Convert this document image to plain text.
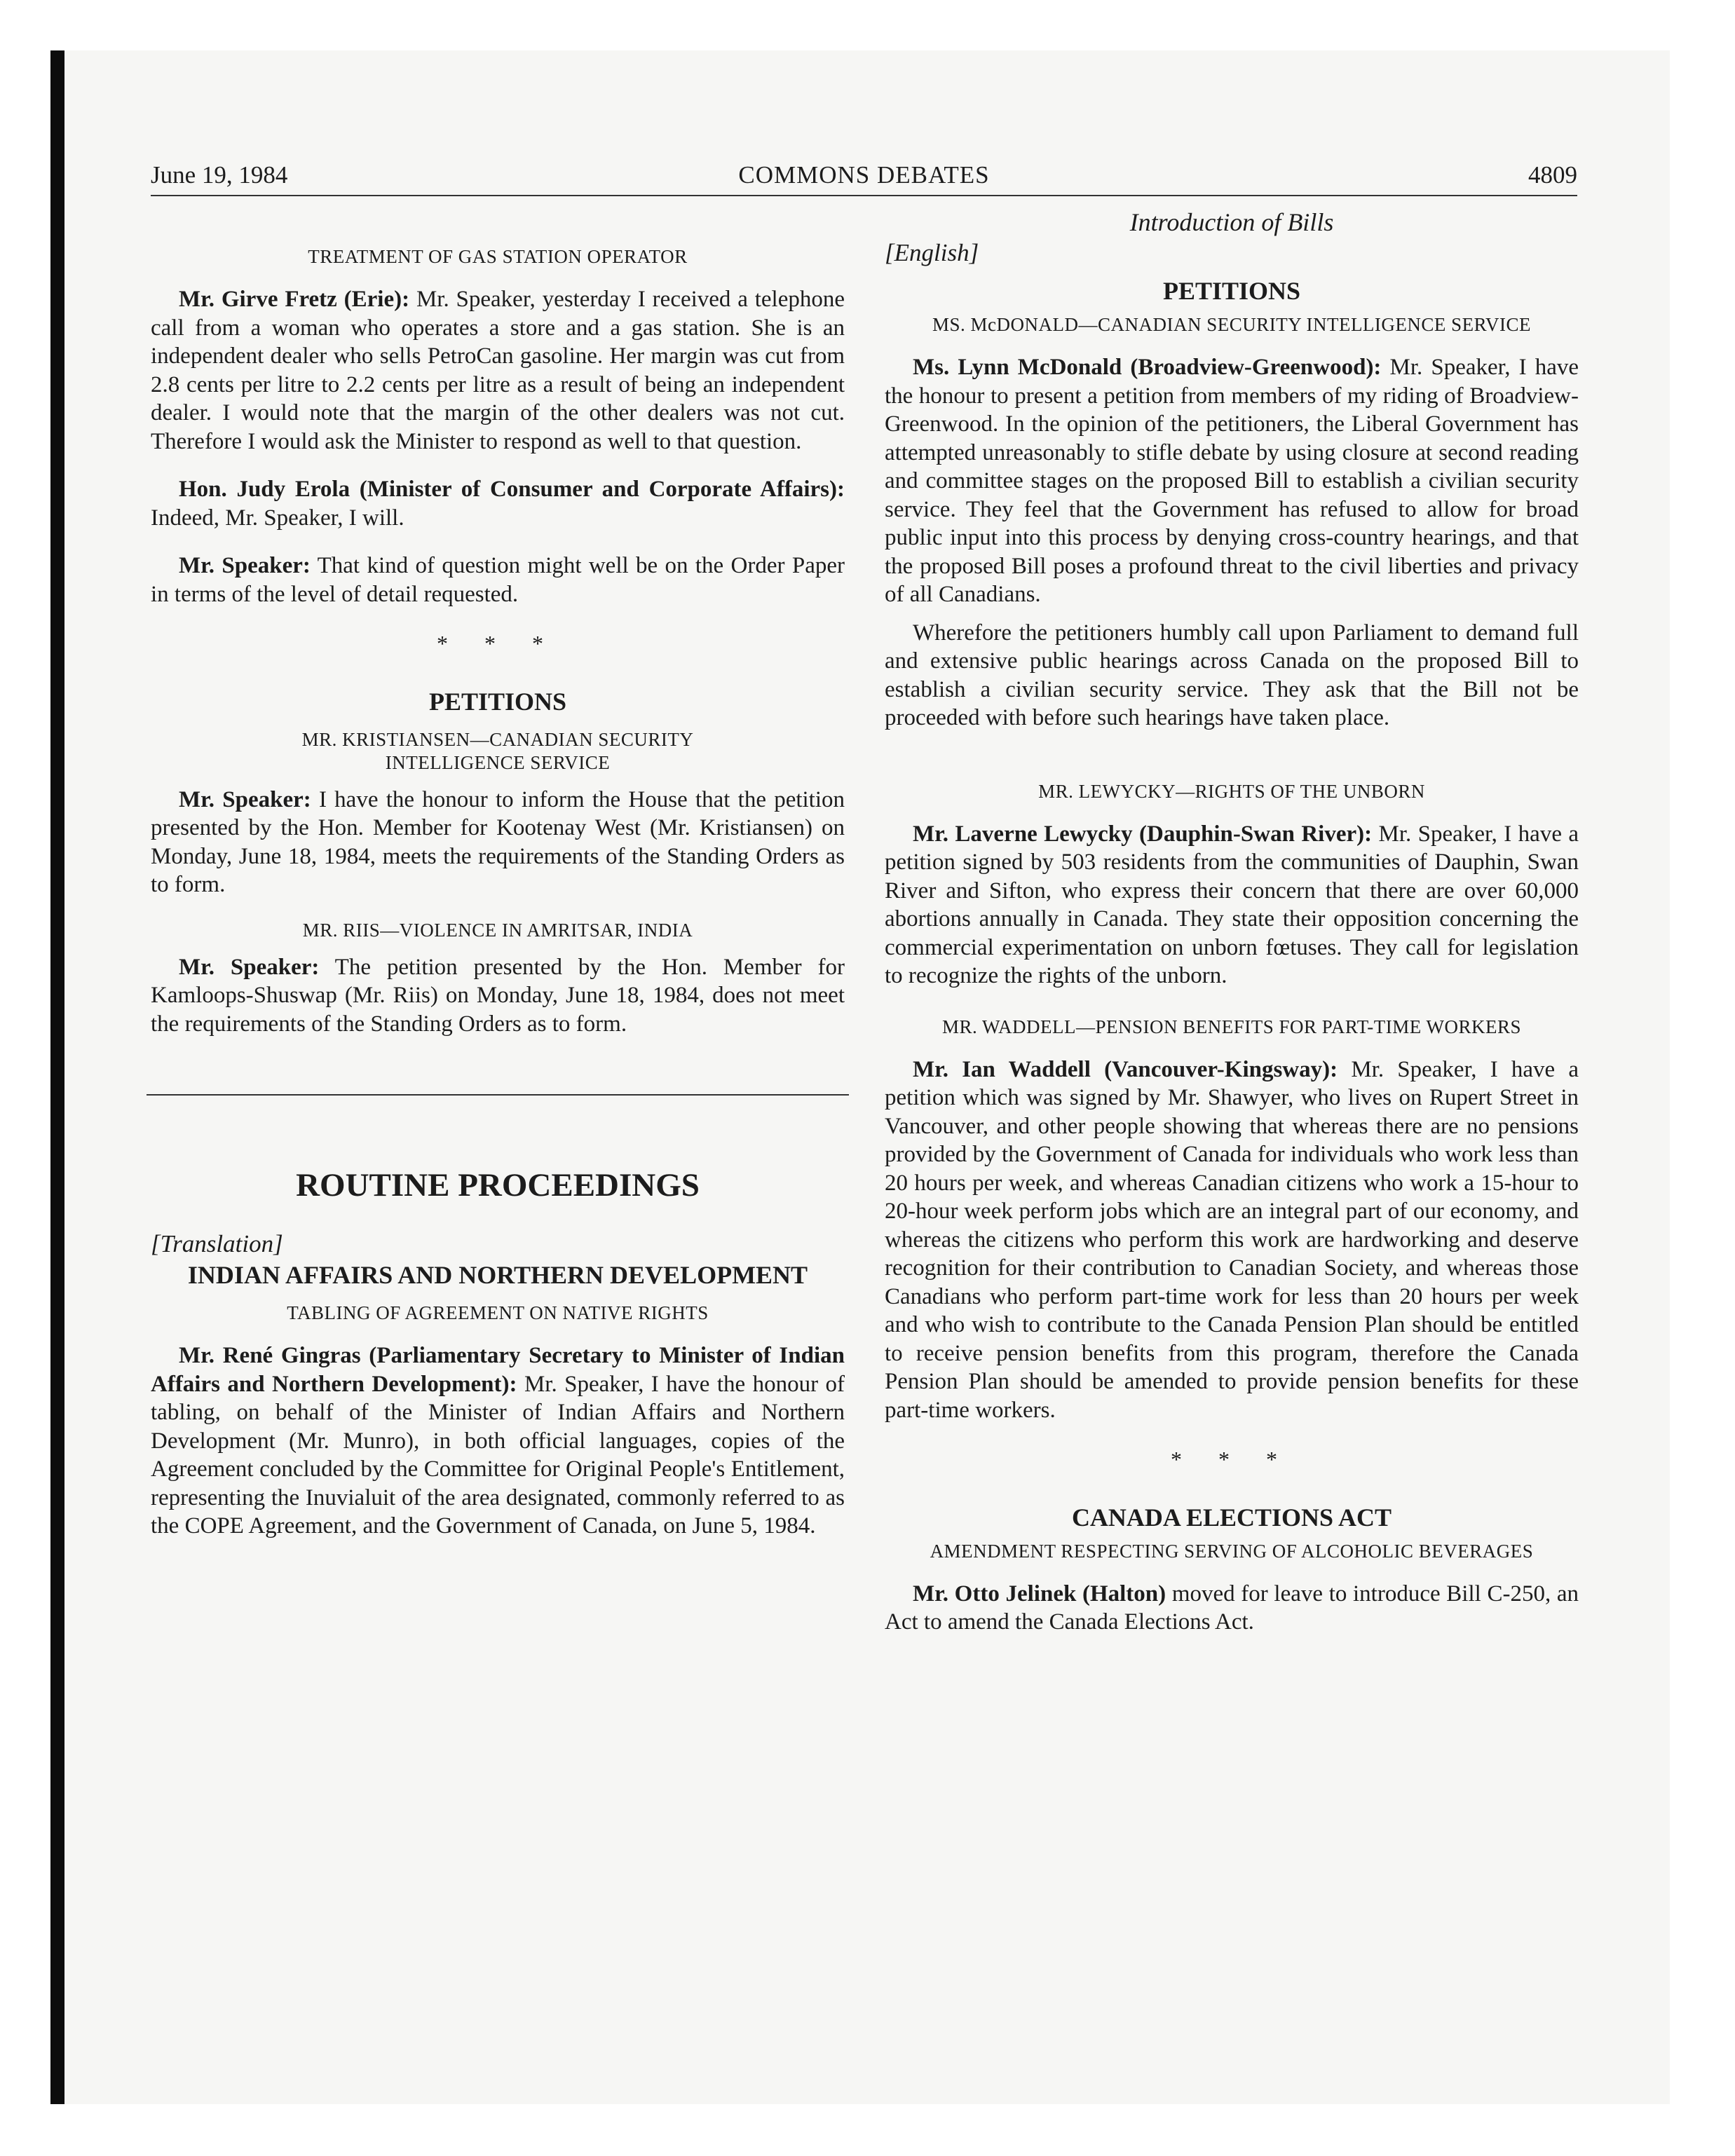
June 19, 1984	COMMONS DEBATES	4809
TREATMENT OF GAS STATION OPERATOR

Mr. Girve Fretz (Erie): Mr. Speaker, yesterday I received a telephone call from a woman who operates a store and a gas station. She is an independent dealer who sells PetroCan gasoline. Her margin was cut from 2.8 cents per litre to 2.2 cents per litre as a result of being an independent dealer. I would note that the margin of the other dealers was not cut. Therefore I would ask the Minister to respond as well to that question.

Hon. Judy Erola (Minister of Consumer and Corporate Affairs): Indeed, Mr. Speaker, I will.

Mr. Speaker: That kind of question might well be on the Order Paper in terms of the level of detail requested.

* * *
PETITIONS
MR. KRISTIANSEN—CANADIAN SECURITY INTELLIGENCE SERVICE

Mr. Speaker: I have the honour to inform the House that the petition presented by the Hon. Member for Kootenay West (Mr. Kristiansen) on Monday, June 18, 1984, meets the requirements of the Standing Orders as to form.

MR. RIIS—VIOLENCE IN AMRITSAR, INDIA

Mr. Speaker: The petition presented by the Hon. Member for Kamloops-Shuswap (Mr. Riis) on Monday, June 18, 1984, does not meet the requirements of the Standing Orders as to form.

ROUTINE PROCEEDINGS
[Translation]
INDIAN AFFAIRS AND NORTHERN DEVELOPMENT
TABLING OF AGREEMENT ON NATIVE RIGHTS

Mr. René Gingras (Parliamentary Secretary to Minister of Indian Affairs and Northern Development): Mr. Speaker, I have the honour of tabling, on behalf of the Minister of Indian Affairs and Northern Development (Mr. Munro), in both official languages, copies of the Agreement concluded by the Committee for Original People's Entitlement, representing the Inuvialuit of the area designated, commonly referred to as the COPE Agreement, and the Government of Canada, on June 5, 1984.

Introduction of Bills
[English]
PETITIONS
MS. McDONALD—CANADIAN SECURITY INTELLIGENCE SERVICE

Ms. Lynn McDonald (Broadview-Greenwood): Mr. Speaker, I have the honour to present a petition from members of my riding of Broadview-Greenwood. In the opinion of the petitioners, the Liberal Government has attempted unreasonably to stifle debate by using closure at second reading and committee stages on the proposed Bill to establish a civilian security service. They feel that the Government has refused to allow for broad public input into this process by denying cross-country hearings, and that the proposed Bill poses a profound threat to the civil liberties and privacy of all Canadians.

Wherefore the petitioners humbly call upon Parliament to demand full and extensive public hearings across Canada on the proposed Bill to establish a civilian security service. They ask that the Bill not be proceeded with before such hearings have taken place.

MR. LEWYCKY—RIGHTS OF THE UNBORN

Mr. Laverne Lewycky (Dauphin-Swan River): Mr. Speaker, I have a petition signed by 503 residents from the communities of Dauphin, Swan River and Sifton, who express their concern that there are over 60,000 abortions annually in Canada. They state their opposition concerning the commercial experimentation on unborn fœtuses. They call for legislation to recognize the rights of the unborn.

MR. WADDELL—PENSION BENEFITS FOR PART-TIME WORKERS

Mr. Ian Waddell (Vancouver-Kingsway): Mr. Speaker, I have a petition which was signed by Mr. Shawyer, who lives on Rupert Street in Vancouver, and other people showing that whereas there are no pensions provided by the Government of Canada for individuals who work less than 20 hours per week, and whereas Canadian citizens who work a 15-hour to 20-hour week perform jobs which are an integral part of our economy, and whereas the citizens who perform this work are hardworking and deserve recognition for their contribution to Canadian Society, and whereas those Canadians who perform part-time work for less than 20 hours per week and who wish to contribute to the Canada Pension Plan should be entitled to receive pension benefits from this program, therefore the Canada Pension Plan should be amended to provide pension benefits for these part-time workers.

* * *
CANADA ELECTIONS ACT
AMENDMENT RESPECTING SERVING OF ALCOHOLIC BEVERAGES

Mr. Otto Jelinek (Halton) moved for leave to introduce Bill C-250, an Act to amend the Canada Elections Act.
